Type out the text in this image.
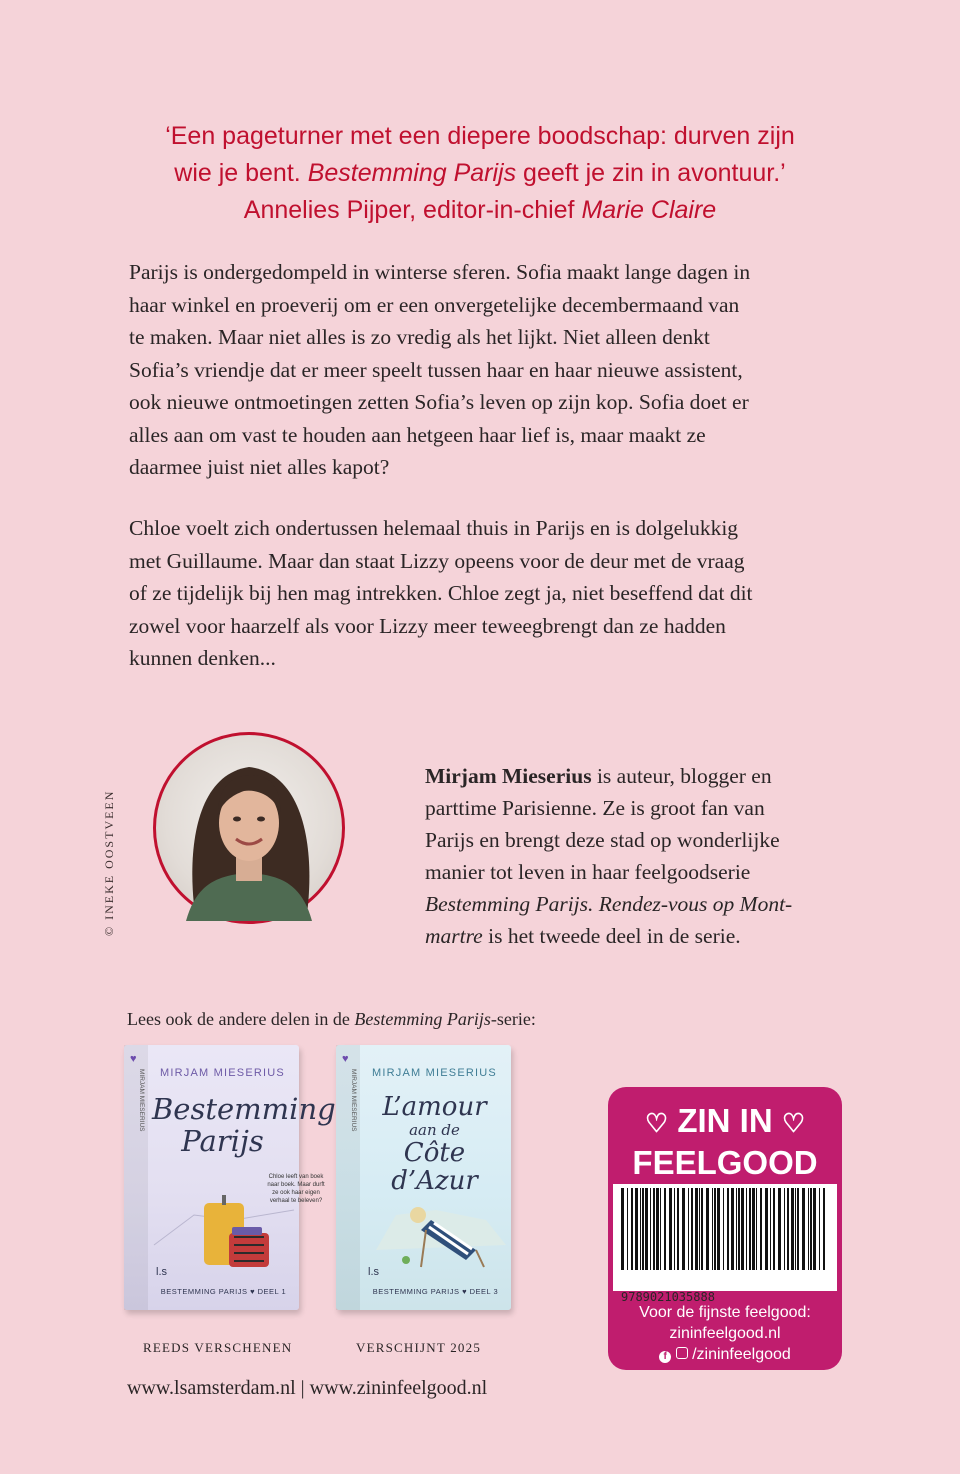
‘Een pageturner met een diepere boodschap: durven zijn

wie je bent. Bestemming Parijs geeft je zin in avontuur.’

Annelies Pijper, editor-in-chief Marie Claire

Parijs is ondergedompeld in winterse sferen. Sofia maakt lange dagen in

haar winkel en proeverij om er een onvergetelijke decembermaand van

te maken. Maar niet alles is zo vredig als het lijkt. Niet alleen denkt

Sofia’s vriendje dat er meer speelt tussen haar en haar nieuwe assistent,

ook nieuwe ontmoetingen zetten Sofia’s leven op zijn kop. Sofia doet er

alles aan om vast te houden aan hetgeen haar lief is, maar maakt ze

daarmee juist niet alles kapot?

Chloe voelt zich ondertussen helemaal thuis in Parijs en is dolgelukkig

met Guillaume. Maar dan staat Lizzy opeens voor de deur met de vraag

of ze tijdelijk bij hen mag intrekken. Chloe zegt ja, niet beseffend dat dit

zowel voor haarzelf als voor Lizzy meer teweegbrengt dan ze hadden

kunnen denken...

© INEKE OOSTVEEN

Mirjam Mieserius is auteur, blogger en

parttime Parisienne. Ze is groot fan van

Parijs en brengt deze stad op wonderlijke

manier tot leven in haar feelgoodserie

Bestemming Parijs. Rendez-vous op Mont-

martre is het tweede deel in de serie.

Lees ook de andere delen in de Bestemming Parijs-serie:
♥
MIRJAM MIESERIUS	MIRJAM MIESERIUS
Bestemming
Parijs
Chloe leeft van boek naar boek. Maar durft ze ook haar eigen verhaal te beleven?
l.s
BESTEMMING PARIJS ♥ DEEL 1
♥
MIRJAM MIESERIUS	MIRJAM MIESERIUS
L’amour
aan de
Côte d’Azur
l.s
BESTEMMING PARIJS ♥ DEEL 3
REEDS VERSCHENEN	VERSCHIJNT 2025
www.lsamsterdam.nl | www.zininfeelgood.nl
♡ ZIN IN ♡
FEELGOOD
9789021035888
Voor de fijnste feelgood:
zininfeelgood.nl
f /zininfeelgood
